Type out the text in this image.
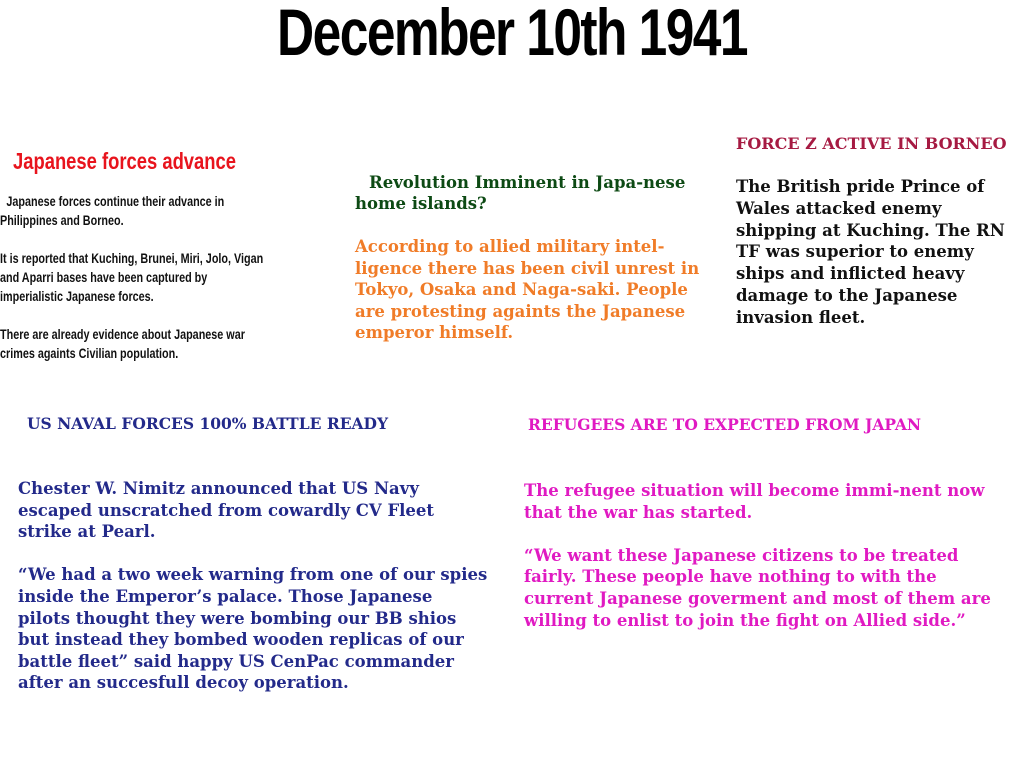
December 10th 1941
Japanese forces advance

Japanese forces continue their advance in Philippines and Borneo.

It is reported that Kuching, Brunei, Miri, Jolo, Vigan and Aparri bases have been captured by imperialistic Japanese forces.

There are already evidence about Japanese war crimes againts Civilian population.

Revolution Imminent in Japa-nese home islands?
According to allied military intel-ligence there has been civil unrest in Tokyo, Osaka and Naga-saki. People are protesting againts the Japanese emperor himself.
FORCE Z ACTIVE IN BORNEO
The British pride Prince of Wales attacked enemy shipping at Kuching. The RN TF was superior to enemy ships and inflicted heavy damage to the Japanese invasion fleet.
US NAVAL FORCES 100% BATTLE READY

Chester W. Nimitz announced that US Navy escaped unscratched from cowardly CV Fleet strike at Pearl.

“We had a two week warning from one of our spies inside the Emperor’s palace. Those Japanese pilots thought they were bombing our BB shios but instead they bombed wooden replicas of our battle fleet” said happy US CenPac commander after an succesfull decoy operation.

REFUGEES ARE TO EXPECTED FROM JAPAN

The refugee situation will become immi-nent now that the war has started.

“We want these Japanese citizens to be treated fairly. These people have nothing to with the current Japanese goverment and most of them are willing to enlist to join the fight on Allied side.”
